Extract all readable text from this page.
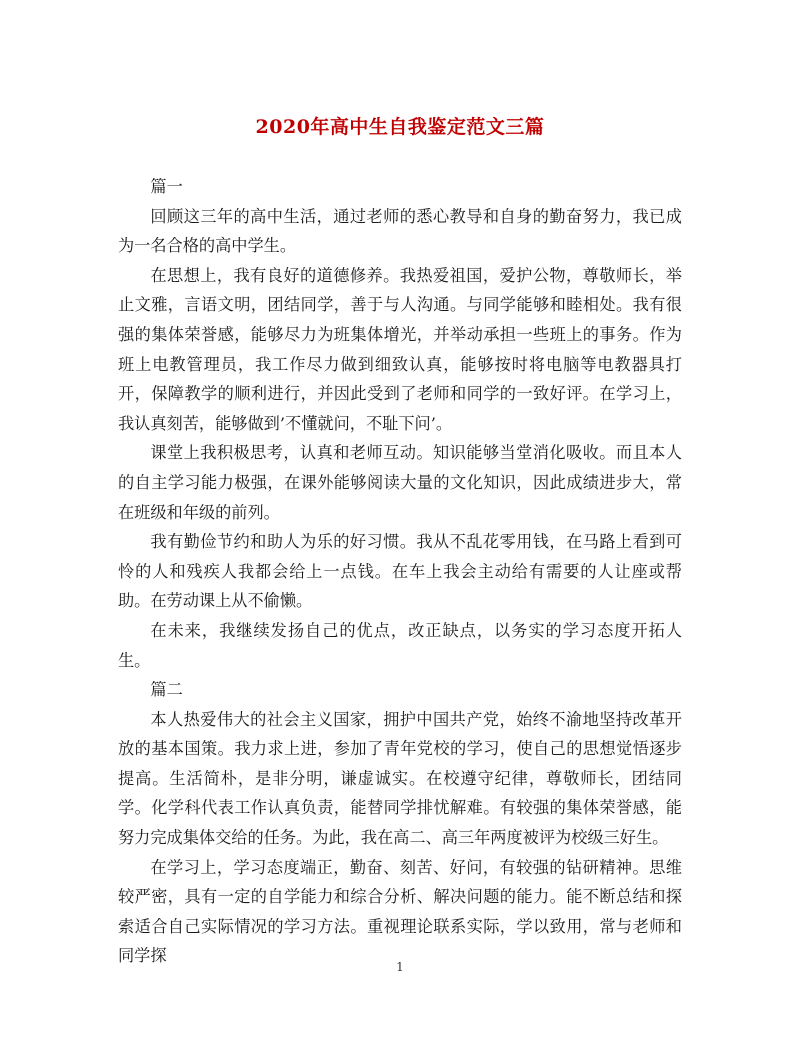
2020年高中生自我鉴定范文三篇

篇一

回顾这三年的高中生活，通过老师的悉心教导和自身的勤奋努力，我已成为一名合格的高中学生。

在思想上，我有良好的道德修养。我热爱祖国，爱护公物，尊敬师长，举止文雅，言语文明，团结同学，善于与人沟通。与同学能够和睦相处。我有很强的集体荣誉感，能够尽力为班集体增光，并举动承担一些班上的事务。作为班上电教管理员，我工作尽力做到细致认真，能够按时将电脑等电教器具打开，保障教学的顺利进行，并因此受到了老师和同学的一致好评。在学习上，我认真刻苦，能够做到’不懂就问，不耻下问’。

课堂上我积极思考，认真和老师互动。知识能够当堂消化吸收。而且本人的自主学习能力极强，在课外能够阅读大量的文化知识，因此成绩进步大，常在班级和年级的前列。

我有勤俭节约和助人为乐的好习惯。我从不乱花零用钱，在马路上看到可怜的人和残疾人我都会给上一点钱。在车上我会主动给有需要的人让座或帮助。在劳动课上从不偷懒。

在未来，我继续发扬自己的优点，改正缺点，以务实的学习态度开拓人生。

篇二

本人热爱伟大的社会主义国家，拥护中国共产党，始终不渝地坚持改革开放的基本国策。我力求上进，参加了青年党校的学习，使自己的思想觉悟逐步提高。生活简朴，是非分明，谦虚诚实。在校遵守纪律，尊敬师长，团结同学。化学科代表工作认真负责，能替同学排忧解难。有较强的集体荣誉感，能努力完成集体交给的任务。为此，我在高二、高三年两度被评为校级三好生。

在学习上，学习态度端正，勤奋、刻苦、好问，有较强的钻研精神。思维较严密，具有一定的自学能力和综合分析、解决问题的能力。能不断总结和探索适合自己实际情况的学习方法。重视理论联系实际，学以致用，常与老师和同学探

1
